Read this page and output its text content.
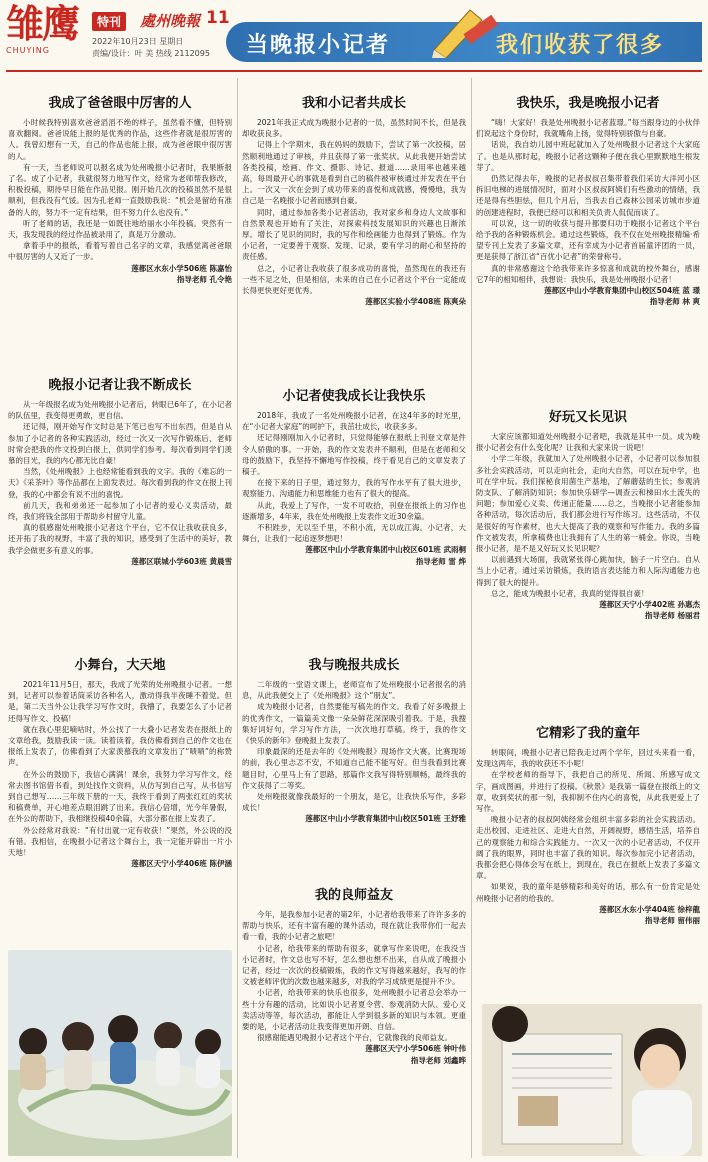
雏鹰
CHUYING
特刊	處州晚報 11
2022年10月23日 星期日
责编/设计：叶 美 热线 2112095 当晚报小记者	我们收获了很多
我成了爸爸眼中厉害的人

小时候我特别喜欢爸爸滔滔不绝的样子，虽然看不懂，但特别喜欢翻阅。爸爸说能上报的是优秀的作品，这些作者就是很厉害的人。我曾幻想有一天，自己的作品也能上报，成为爸爸眼中很厉害的人。

有一天，当老师说可以报名成为处州晚报小记者时，我果断报了名。成了小记者，我就很努力地写作文，经常为老师帮我修改，积极投稿，期待早日能在作品见报。刚开始几次的投稿虽然不是很顺利，但我没有气馁。因为孔老师一直鼓励我说：“机会是留给有准备的人的，努力不一定有结果，但不努力什么也没有。”

听了老师的话，我还是一如既往地给丽水小年投稿。突然有一天，我发现我的经过作品被录用了，真是万分激动。

拿着手中的报纸，看着写着自己名字的文章，我感觉离爸爸眼中很厉害的人又近了一步。

莲都区水东小学506班 陈嘉怡
指导老师 孔令艳
晚报小记者让我不断成长

从一年级报名成为处州晚报小记者后，转眼已6年了，在小记者的队伍里，我变得更勇敢，更自信。

还记得，刚开始写作文时总是下笔已也写不出东西，但是自从参加了小记者的各种实践活动，经过一次又一次写作锻炼后，老师时常会把我的作文投到白报上，供同学们参考。每次看到同学们羡慕的目光，我的内心都无比自豪！

当然，《处州晚报》上也经常能看到我的文字。我的《难忘的一天》《采茶叶》等作品都在上面发表过。每次看到我的作文在报上刊登，我的心中都会有说不出的喜悦。

前几天，我和弟弟还一起参加了小记者的爱心义卖活动，最终，我们将钱全部用于帮助乡村留守儿童。

真的很感谢处州晚报小记者这个平台，它不仅让我收获良多，还开拓了我的视野，丰富了我的知识，感受到了生活中的美好，教我学会做更多有意义的事。

莲都区联城小学603班 黄晨雪
小舞台，大天地

2021年11月5日，那天，我成了光荣的处州晚报小记者。一想到，记者可以参着话筒采访各种名人，激动得我半夜睡不着觉。但是，第二天当外公让我学习写作文时，我懵了，我要怎么了小记者还得写作文、投稿！

就在我心里犯嘀咕时，外公找了一大叠小记者发表在报纸上的文章给我，鼓励我读一读。读着读着，我仿佛看到自己的作文也在报纸上发表了，仿佛看到了大家羡慕我的文章发出了“啧啧”的称赞声。

在外公的鼓励下，我信心满满！课余，我努力学习写作文，经常去图书馆借书看，到处找作文资料，从仿写到自己写，从书信写到自己想写……三年级下册的一天，我终于看到了两张红红的奖状和稿费单，开心地差点眼泪跳了出来。我信心倍增，光今年暑假，在外公的帮助下，我相继投稿40余篇，大部分都在报上发表了。

外公经常对我说：“有付出就一定有收获！”果然，外公说的没有错。我相信，在晚报小记者这个舞台上，我一定能开辟出一片小天地！

莲都区天宁小学406班 陈伊涵
我和小记者共成长

2021年我正式成为晚报小记者的一员，虽然时间不长，但是我却收获良多。

记得上个学期末，我在妈妈的鼓励下，尝试了第一次投稿，居然顺利地通过了审核，并且获得了第一张奖状。从此我便开始尝试各类投稿，绘画、作文、摄影、诗记、报道……录用率也越来越高，每周最开心的事就是看到自己的稿件被审核通过并发表在平台上。一次又一次在会到了成功带来的喜悦和成就感，慢慢地，我为自己是一名晚报小记者而感到自豪。

同时，通过参加各类小记者活动，我对家乡和身边人文故事和自然景观也开始有了关注，对探索科技发展知识的兴趣也日渐浓厚。增长了见识的同时，我的写作和绘画能力也得到了锻炼。作为小记者，一定要善于观察、发现、记录，要有学习的耐心和坚持的责任感。

总之，小记者让我收获了很多成功的喜悦，虽然现在的我还有一些不足之处，但是相信，未来的自己在小记者这个平台一定能成长得更快更好更优秀。

莲都区实验小学408班 陈爽朵
小记者使我成长让我快乐

2018年，我成了一名处州晚报小记者，在这4年多的时光里，在“小记者大家庭”的呵护下，我茁壮成长，收获多多。

还记得刚刚加入小记者时，只觉得能够在报纸上刊登文章是件令人骄傲的事。一开始，我的作文发表并不顺利，但是在老师和父母的鼓励下，我坚持不懈地写作投稿，终于看见自己的文章发表了稿子。

在接下来的日子里，通过努力，我的写作水平有了很大进步，观察能力、沟通能力和思维能力也有了很大的提高。

从此，我爱上了写作，一发不可收拾，刊登在报纸上的习作也逐渐增多，4年来，我在处州晚报上发表作文近30余篇。

不积跬步，无以至千里，不积小流，无以成江海。小记者，大舞台，让我们一起追逐梦想吧！

莲都区中山小学教育集团中山校区601班 武雨桐
指导老师 雷 烨
我与晚报共成长

二年级的一堂语文课上，老师宣布了处州晚报小记者报名的消息，从此我便交上了《处州晚报》这个“朋友”。

成为晚报小记者，自然要能写稿先的作文。我看了好多晚报上的优秀作文，一篇篇美文像一朵朵鲜花深深吸引着我。于是，我搜集好词好句，学习写作方法，一次次地打草稿。终于，我的作文《快乐的新年》登晚报上发表了。

印象最深的还是去年的《处州晚报》现场作文大赛。比赛现场的前，我心里忐忑不安，不知道自己能不能写好。但当我看到比赛题目时，心里马上有了思路，那篇作文我写得特别顺畅，最终我的作文获得了二等奖。

处州晚报就像我最好的一个朋友，是它，让我快乐写作，多彩成长！

莲都区中山小学教育集团中山校区501班 王妤雅
我的良师益友

今年，是我参加小记者的第2年，小记者给我带来了许许多多的帮助与快乐，还有丰富有趣的课外活动，现在就让我带你们一起去看一看，我的小记者之旅吧！

小记者，给我带来的帮助有很多，就拿写作来说吧，在我没当小记者时，作文总也写不好，怎么想也想不出来，自从成了晚报小记者，经过一次次的投稿锻炼，我的作文写得越来越好，我写的作文被老师评优的次数也越来越多，对我的学习成绩更是提升不少。

小记者，给我带来的快乐也很多，处州晚报小记者总会举办一些十分有趣的活动，比如说小记者夏令营、参观消防大队、爱心义卖活动等等，每次活动，都能让人学到很多新的知识与本领。更重要的是，小记者活动让我变得更加开朗、自信。

很感谢能遇见晚报小记者这个平台，它就像我的良师益友。

莲都区天宁小学506班 钟叶伟
指导老师 刘鑫晔
我快乐，我是晚报小记者

“嗨！大家好！我是处州晚报小记者蓝璟。”每当跟身边的小伙伴们说起这个身份时，我就嘴角上扬，觉得特别骄傲与自豪。

话说，我自幼儿园中班起就加入了处州晚报小记者这个大家庭了。也是从那时起，晚报小记者这颗种子便在我心里默默地生根发芽了。

仍然记得去年，晚报的记者叔叔召集带着我们采访大洋河小区拆旧电梯的进展情况时，面对小区叔叔阿姨们有些激动的情绪，我还是得有些胆怯，但几个月后，当我去自己森林公园采访城市步道的创建进程时，我便已经可以和相关负责人侃侃而谈了。

可以说，这一切的收获与提升都要归功于晚报小记者这个平台给予我的各种锻炼机会。通过这些锻炼，我不仅在处州晚报精编·希望专刊上发表了多篇文章，还有幸成为小记者首届童评团的一员，更是获得了浙江省“百优小记者”的荣誉称号。

真的非常感谢这个给我带来许多惊喜和成就的校外舞台，感谢它7年的相知相伴，我想说：我快乐，我是处州晚报小记者！

莲都区中山小学教育集团中山校区504班 蓝 璟
指导老师 林 爽
好玩又长见识

大家应该都知道处州晚报小记者吧，我就是其中一员。成为晚报小记者会有什么变化呢？让我和大家来说一说吧！

小学二年级，我就加入了处州晚报小记者，小记者可以参加很多社会实践活动，可以走向社会，走向大自然，可以在玩中学，也可在学中玩。我们探秘食用菌生产基地，了解蘑菇的生长；参观消防支队、了解消防知识；参加快乐研学—调查云和梯田水土流失的问题；参加爱心义卖、传递正能量……总之，当晚报小记者能参加各种活动，每次活动后，我们都会进行写作练习。这些活动，不仅是很好的写作素材，也大大提高了我的观察和写作能力。我的多篇作文被发表，所拿稿费也让我拥有了人生的第一桶金。你说，当晚报小记者，是不是又好玩又长见识呢？

以前遇到大场面，我就紧张得心跳加快，脑子一片空白。自从当上小记者，通过采访锻炼，我的语言表达能力和人际沟通能力也得到了很大的提升。

总之，能成为晚报小记者，我真的觉得很自豪！

莲都区天宁小学402班 孙惠杰
指导老师 杨丽君
它精彩了我的童年

转眼间，晚报小记者已陪我走过两个学年，回过头来看一看，发现这两年，我的收获还不小呢！

在学校老师的指导下，我把自己的所见、所闻、所感写成文字，画成图画，并进行了投稿。《秋景》是我第一篇登在报纸上的文章，收到奖状的那一刻，我抑制不住内心的喜悦，从此我更爱上了写作。

晚报小记者的叔叔阿姨经常会组织丰富多彩的社会实践活动。走出校园、走进社区、走进大自然，开阔视野，感悟生活，培养自己的观察能力和综合实践能力。一次又一次的小记者活动，不仅开阔了我的眼界，同时也丰富了我的知识。每次参加完小记者活动，我都会把心得体会写在纸上，到现在，我已在报纸上发表了多篇文章。

如果说，我的童年是够精彩和美好的话，那么有一份肯定是处州晚报小记者的给我的。

莲都区水东小学404班 徐梓龍
指导老师 留伟丽
